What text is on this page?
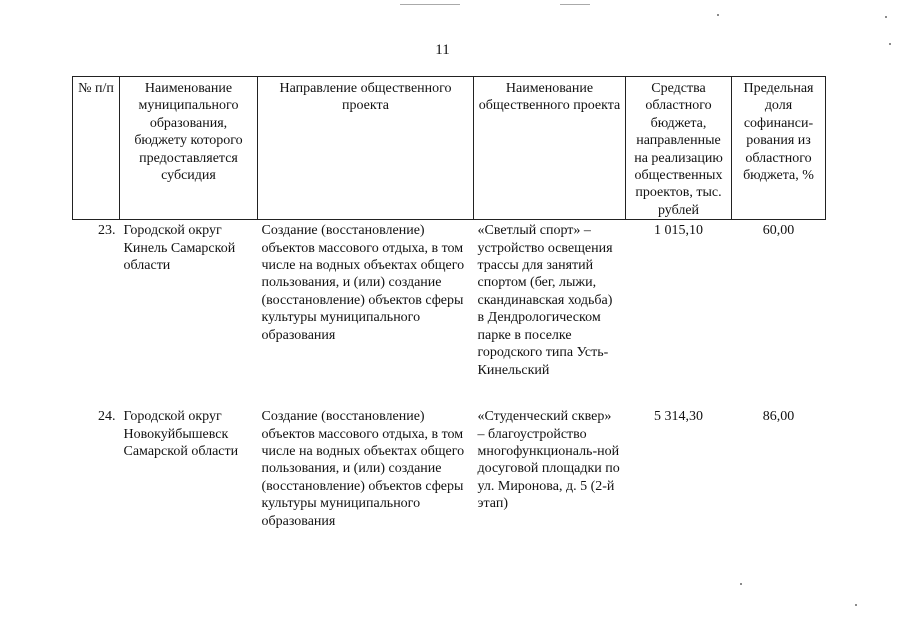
11
№ п/п	Наименование муниципального образования, бюджету которого предоставляется субсидия	Направление общественного проекта	Наименование общественного проекта	Средства областного бюджета, направленные на реализацию общественных проектов, тыс. рублей	Предельная доля софинанси-рования из областного бюджета, %
23.	Городской округ Кинель Самарской области	Создание (восстановление) объектов массового отдыха, в том числе на водных объектах общего пользования, и (или) создание (восстановление) объектов сферы культуры муниципального образования	«Светлый спорт» – устройство освещения трассы для занятий спортом (бег, лыжи, скандинавская ходьба) в Дендрологическом парке в поселке городского типа Усть-Кинельский	1 015,10	60,00
24.	Городской округ Новокуйбышевск Самарской области	Создание (восстановление) объектов массового отдыха, в том числе на водных объектах общего пользования, и (или) создание (восстановление) объектов сферы культуры муниципального образования	«Студенческий сквер» – благоустройство многофункциональ-ной досуговой площадки по ул. Миронова, д. 5 (2-й этап)	5 314,30	86,00
